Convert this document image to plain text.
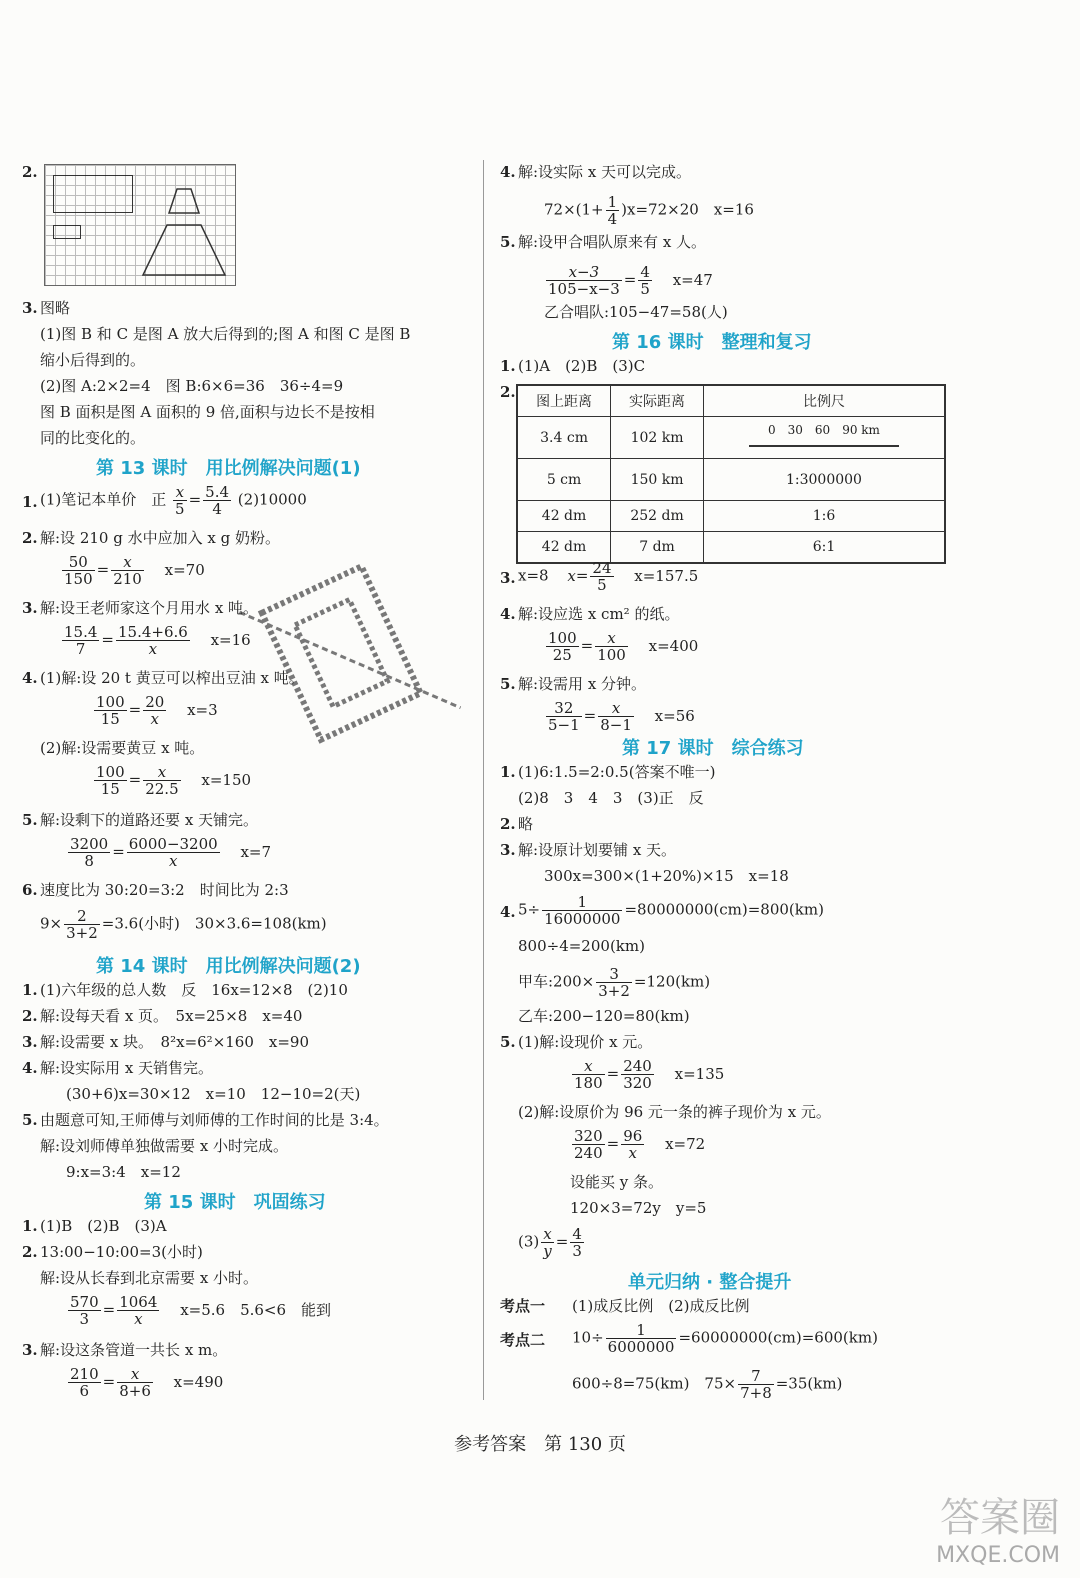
2.
3. 图略
(1)图 B 和 C 是图 A 放大后得到的;图 A 和图 C 是图 B
缩小后得到的。
(2)图 A:2×2=4　图 B:6×6=36　36÷4=9
图 B 面积是图 A 面积的 9 倍,面积与边长不是按相
同的比变化的。
第 13 课时　用比例解决问题(1)
1. (1)笔记本单价　正 $\frac{x}{5} = \frac{5.4}{4} (2)10000$
2. 解:设 210 g 水中应加入 x g 奶粉。
$\frac{50}{150} = \frac{x}{210} x=70$
3. 解:设王老师家这个月用水 x 吨。
$\frac{15.4}{7} = \frac{15.4+6.6}{x} x=16$
4. (1)解:设 20 t 黄豆可以榨出豆油 x 吨。
$\frac{100}{15} = \frac{20}{x} x=3$
(2)解:设需要黄豆 x 吨。
$\frac{100}{15} = \frac{x}{22.5} x=150$
5. 解:设剩下的道路还要 x 天铺完。
$\frac{3200}{8} = \frac{6000-3200}{x} x=7$
6. 速度比为 30:20=3:2　时间比为 2:3
$9\times \frac{2}{3+2} =3.6$(小时)　30×3.6=108(km)
第 14 课时　用比例解决问题(2)
1. (1)六年级的总人数　反　16x=12×8　(2)10
2. 解:设每天看 x 页。　5x=25×8　x=40
3. 解:设需要 x 块。　8²x=6²×160　x=90
4. 解:设实际用 x 天销售完。
(30+6)x=30×12　x=10　12−10=2(天)
5. 由题意可知,王师傅与刘师傅的工作时间的比是 3:4。
解:设刘师傅单独做需要 x 小时完成。
9:x=3:4　x=12
第 15 课时　巩固练习
1. (1)B　(2)B　(3)A
2. 13:00−10:00=3(小时)
解:设从长春到北京需要 x 小时。
$\frac{570}{3} = \frac{1064}{x} x=5.6$　5.6<6　能到
3. 解:设这条管道一共长 x m。
$\frac{210}{6} = \frac{x}{8+6} x=490$
4. 解:设实际 x 天可以完成。
$72\times(1+ \frac{1}{4} )x=72\times 20$　x=16
5. 解:设甲合唱队原来有 x 人。
$\frac{x-3}{105-x-3} = \frac{4}{5} x=47$
乙合唱队:105−47=58(人)
第 16 课时　整理和复习
1. (1)A　(2)B　(3)C
2.
图上距离	实际距离	比例尺
3.4 cm	102 km	0　30　60　90 km

5 cm	150 km	1:3000000
42 dm	252 dm	1:6
42 dm	7 dm	6:1
3. x=8 $x= \frac{24}{5} x=157.5$
4. 解:设应选 x cm² 的纸。
$\frac{100}{25} = \frac{x}{100} x=400$
5. 解:设需用 x 分钟。
$\frac{32}{5-1} = \frac{x}{8-1} x=56$
第 17 课时　综合练习
1. (1)6:1.5=2:0.5(答案不唯一)
(2)8　3　4　3　(3)正　反
2. 略
3. 解:设原计划要铺 x 天。
300x=300×(1+20%)×15　x=18
4. $5\div \frac{1}{16000000} =80000000(cm)=800(km)$
800÷4=200(km)
甲车:200× $\frac{3}{3+2} =120(km)$
乙车:200−120=80(km)
5. (1)解:设现价 x 元。
$\frac{x}{180} = \frac{240}{320} x=135$
(2)解:设原价为 96 元一条的裤子现价为 x 元。
$\frac{320}{240} = \frac{96}{x} x=72$
设能买 y 条。
120×3=72y　y=5
$(3) \frac{x}{y} = \frac{4}{3}$
单元归纳 · 整合提升
考点一 (1)成反比例　(2)成反比例
考点二 $10\div \frac{1}{6000000} =60000000(cm)=600(km)$
600÷8=75(km)　$75\times \frac{7}{7+8} =35(km)$
参考答案　第 130 页
答案圈
MXQE.COM
